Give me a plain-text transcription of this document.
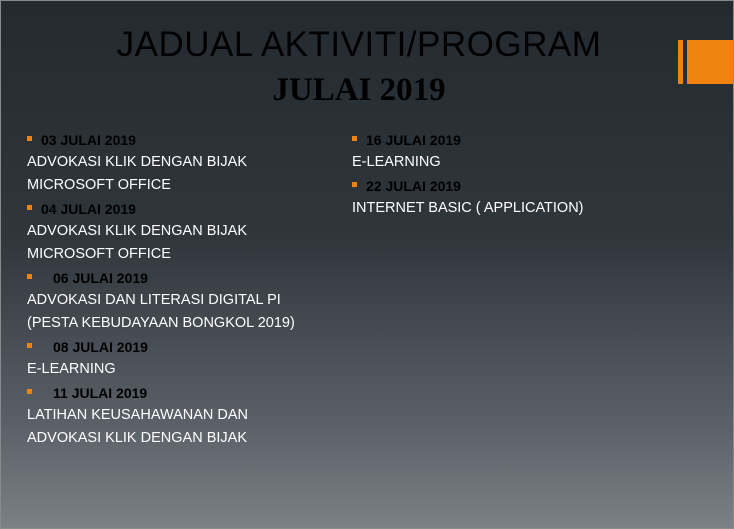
JADUAL AKTIVITI/PROGRAM
JULAI 2019
03 JULAI 2019

ADVOKASI KLIK DENGAN BIJAK

MICROSOFT OFFICE

04 JULAI 2019

ADVOKASI KLIK DENGAN BIJAK

MICROSOFT OFFICE

06 JULAI 2019

ADVOKASI DAN LITERASI DIGITAL PI

(PESTA KEBUDAYAAN BONGKOL 2019)

08 JULAI 2019

E-LEARNING

11 JULAI 2019

LATIHAN KEUSAHAWANAN DAN

ADVOKASI KLIK DENGAN BIJAK

16 JULAI 2019

E-LEARNING

22 JULAI 2019

INTERNET BASIC ( APPLICATION)
